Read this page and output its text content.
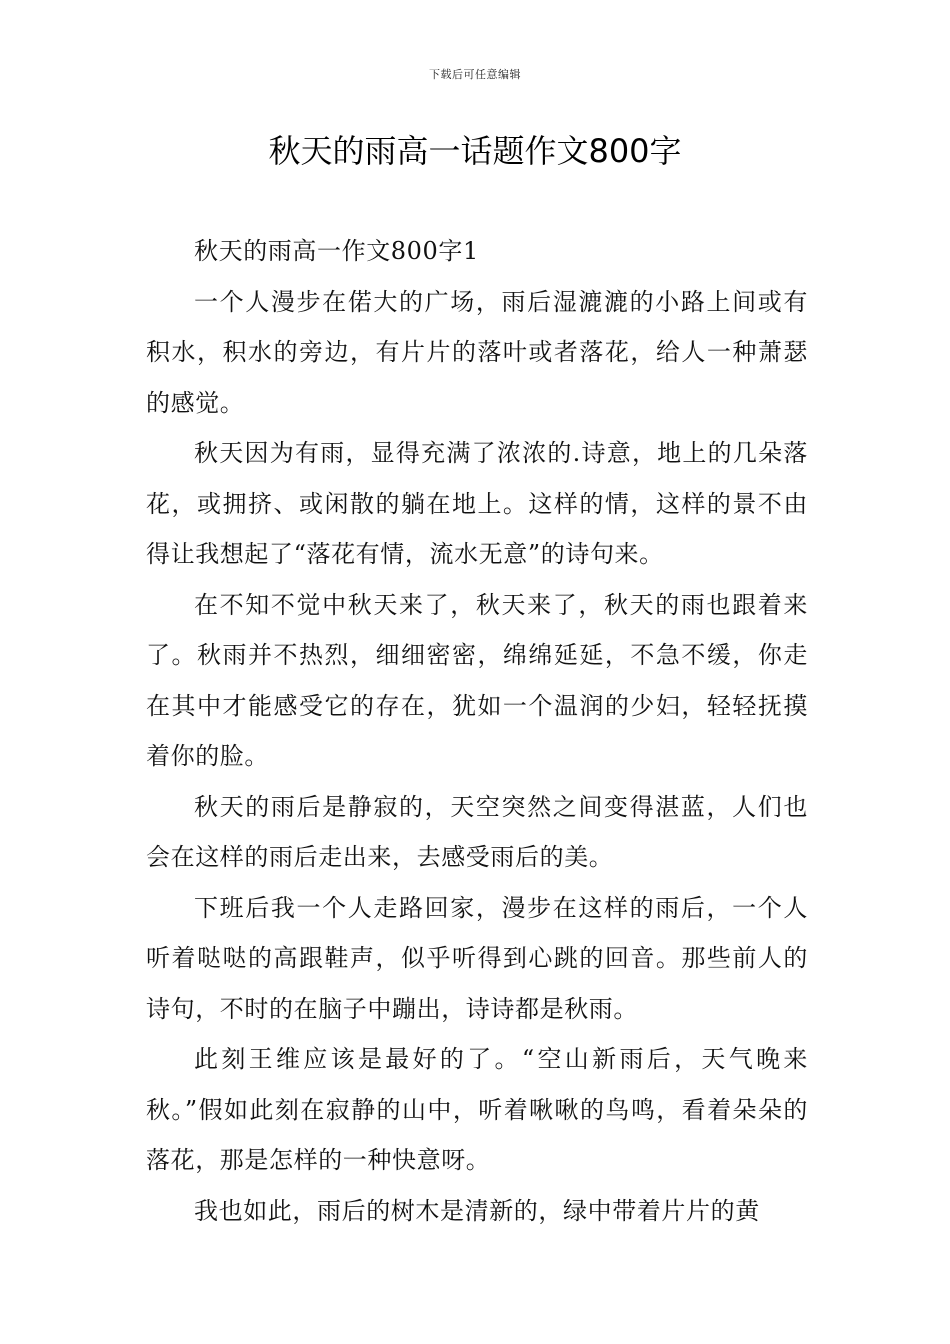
下载后可任意编辑
秋天的雨高一话题作文800字

秋天的雨高一作文800字1

一个人漫步在偌大的广场，雨后湿漉漉的小路上间或有积水，积水的旁边，有片片的落叶或者落花，给人一种萧瑟的感觉。

秋天因为有雨，显得充满了浓浓的.诗意，地上的几朵落花，或拥挤、或闲散的躺在地上。这样的情，这样的景不由得让我想起了“落花有情，流水无意”的诗句来。

在不知不觉中秋天来了，秋天来了，秋天的雨也跟着来了。秋雨并不热烈，细细密密，绵绵延延，不急不缓，你走在其中才能感受它的存在，犹如一个温润的少妇，轻轻抚摸着你的脸。

秋天的雨后是静寂的，天空突然之间变得湛蓝，人们也会在这样的雨后走出来，去感受雨后的美。

下班后我一个人走路回家，漫步在这样的雨后，一个人听着哒哒的高跟鞋声，似乎听得到心跳的回音。那些前人的诗句，不时的在脑子中蹦出，诗诗都是秋雨。

此刻王维应该是最好的了。“空山新雨后，天气晚来秋。”假如此刻在寂静的山中，听着啾啾的鸟鸣，看着朵朵的落花，那是怎样的一种快意呀。

我也如此，雨后的树木是清新的，绿中带着片片的黄
